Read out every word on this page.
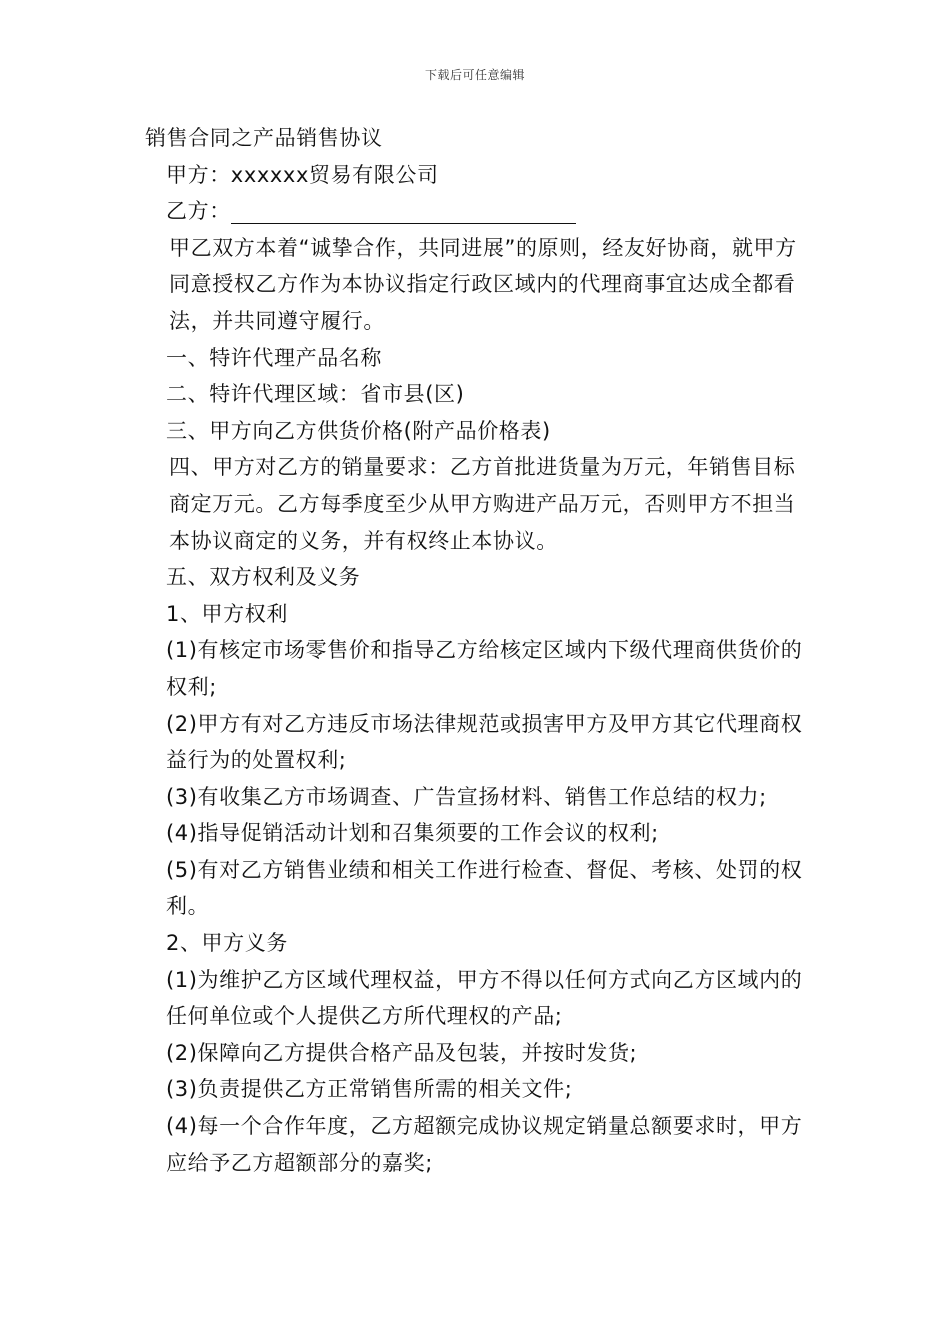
下载后可任意编辑
销售合同之产品销售协议
甲方：xxxxxx贸易有限公司
乙方：
甲乙双方本着“诚挚合作，共同进展”的原则，经友好协商，就甲方同意授权乙方作为本协议指定行政区域内的代理商事宜达成全都看法，并共同遵守履行。
一、特许代理产品名称
二、特许代理区域：省市县(区)
三、甲方向乙方供货价格(附产品价格表)
四、甲方对乙方的销量要求：乙方首批进货量为万元，年销售目标商定万元。乙方每季度至少从甲方购进产品万元，否则甲方不担当本协议商定的义务，并有权终止本协议。
五、双方权利及义务
1、甲方权利
(1)有核定市场零售价和指导乙方给核定区域内下级代理商供货价的权利;
(2)甲方有对乙方违反市场法律规范或损害甲方及甲方其它代理商权益行为的处置权利;
(3)有收集乙方市场调查、广告宣扬材料、销售工作总结的权力;
(4)指导促销活动计划和召集须要的工作会议的权利;
(5)有对乙方销售业绩和相关工作进行检查、督促、考核、处罚的权利。
2、甲方义务
(1)为维护乙方区域代理权益，甲方不得以任何方式向乙方区域内的任何单位或个人提供乙方所代理权的产品;
(2)保障向乙方提供合格产品及包装，并按时发货;
(3)负责提供乙方正常销售所需的相关文件;
(4)每一个合作年度，乙方超额完成协议规定销量总额要求时，甲方应给予乙方超额部分的嘉奖;
